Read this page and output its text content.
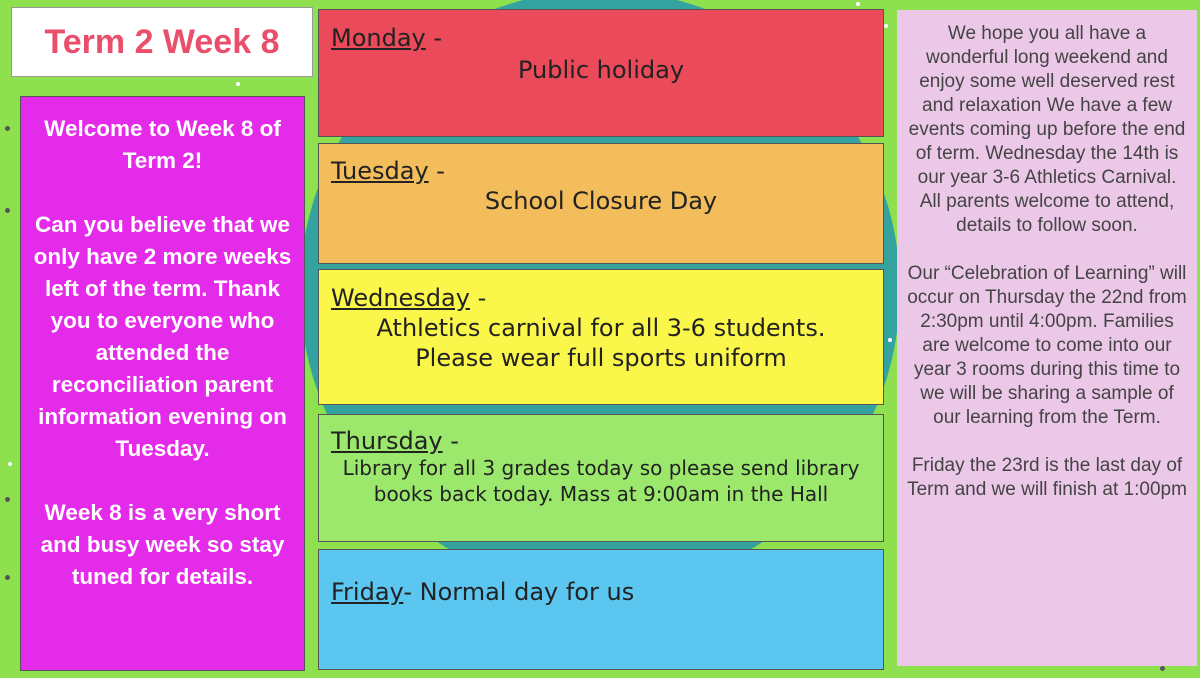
Term 2 Week 8

Welcome to Week 8 of Term 2!

Can you believe that we only have 2 more weeks left of the term. Thank you to everyone who attended the reconciliation parent information evening on Tuesday.

Week 8 is a very short and busy week so stay tuned for details.

Monday -
Public holiday
Tuesday -
School Closure Day
Wednesday -
Athletics carnival for all 3-6 students. Please wear full sports uniform
Thursday -
Library for all 3 grades today so please send library books back today. Mass at 9:00am in the Hall
Friday- Normal day for us

We hope you all have a wonderful long weekend and enjoy some well deserved rest and relaxation We have a few events coming up before the end of term. Wednesday the 14th is our year 3-6 Athletics Carnival. All parents welcome to attend, details to follow soon.

Our “Celebration of Learning” will occur on Thursday the 22nd from 2:30pm until 4:00pm. Families are welcome to come into our year 3 rooms during this time to we will be sharing a sample of our learning from the Term.

Friday the 23rd is the last day of Term and we will finish at 1:00pm
